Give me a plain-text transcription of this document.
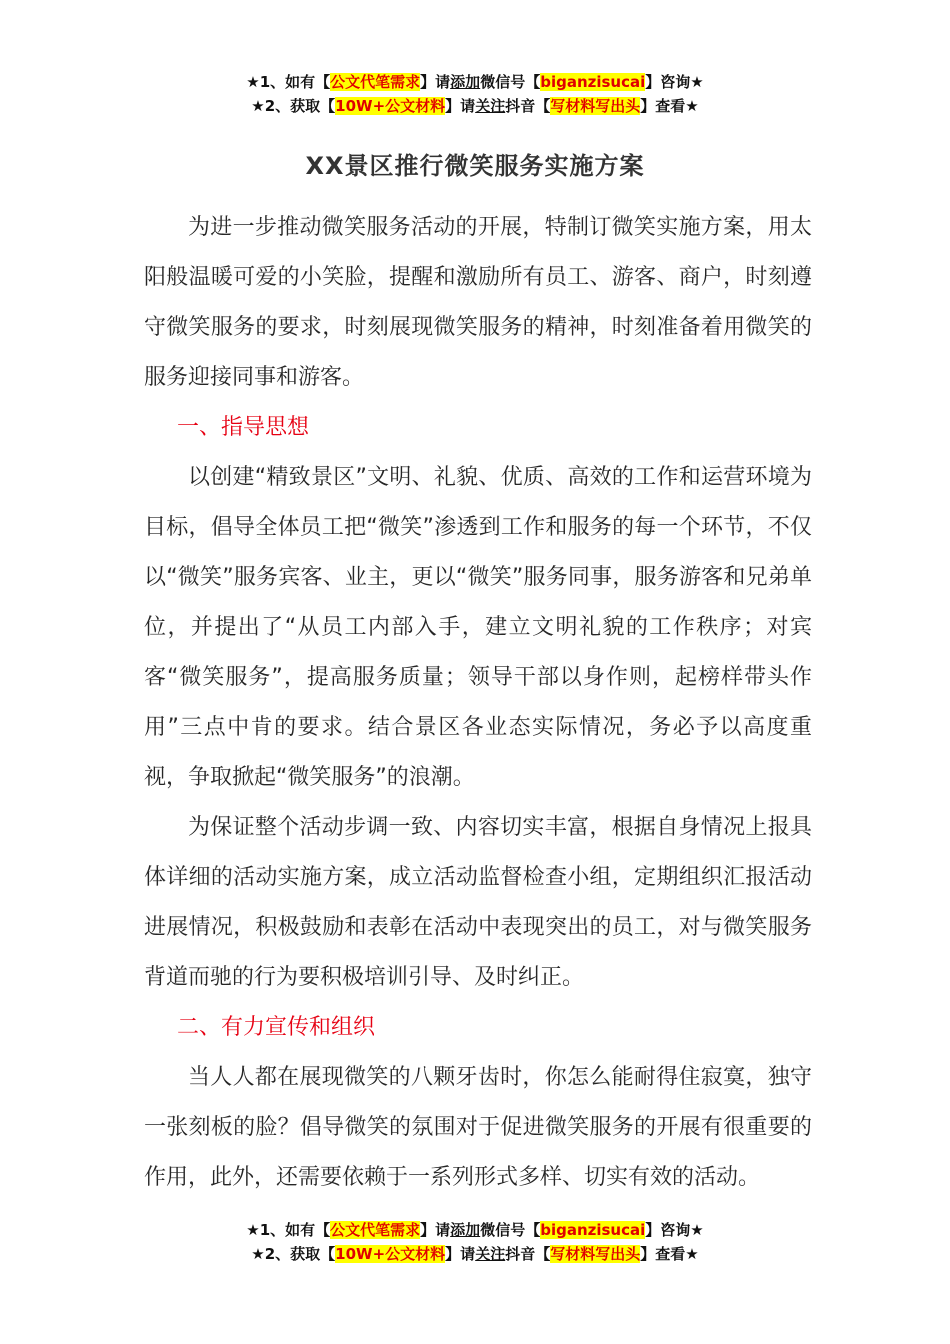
★1、如有【公文代笔需求】请添加微信号【biganzisucai】咨询★
★2、获取【10W+公文材料】请关注抖音【写材料写出头】查看★
XX景区推行微笑服务实施方案

为进一步推动微笑服务活动的开展，特制订微笑实施方案，用太阳般温暖可爱的小笑脸，提醒和激励所有员工、游客、商户，时刻遵守微笑服务的要求，时刻展现微笑服务的精神，时刻准备着用微笑的服务迎接同事和游客。

一、指导思想

以创建“精致景区”文明、礼貌、优质、高效的工作和运营环境为目标，倡导全体员工把“微笑”渗透到工作和服务的每一个环节，不仅以“微笑”服务宾客、业主，更以“微笑”服务同事，服务游客和兄弟单位，并提出了“从员工内部入手，建立文明礼貌的工作秩序；对宾客“微笑服务”，提高服务质量；领导干部以身作则，起榜样带头作用”三点中肯的要求。结合景区各业态实际情况，务必予以高度重视，争取掀起“微笑服务”的浪潮。

为保证整个活动步调一致、内容切实丰富，根据自身情况上报具体详细的活动实施方案，成立活动监督检查小组，定期组织汇报活动进展情况，积极鼓励和表彰在活动中表现突出的员工，对与微笑服务背道而驰的行为要积极培训引导、及时纠正。

二、有力宣传和组织

当人人都在展现微笑的八颗牙齿时，你怎么能耐得住寂寞，独守一张刻板的脸？倡导微笑的氛围对于促进微笑服务的开展有很重要的作用，此外，还需要依赖于一系列形式多样、切实有效的活动。

★1、如有【公文代笔需求】请添加微信号【biganzisucai】咨询★
★2、获取【10W+公文材料】请关注抖音【写材料写出头】查看★
